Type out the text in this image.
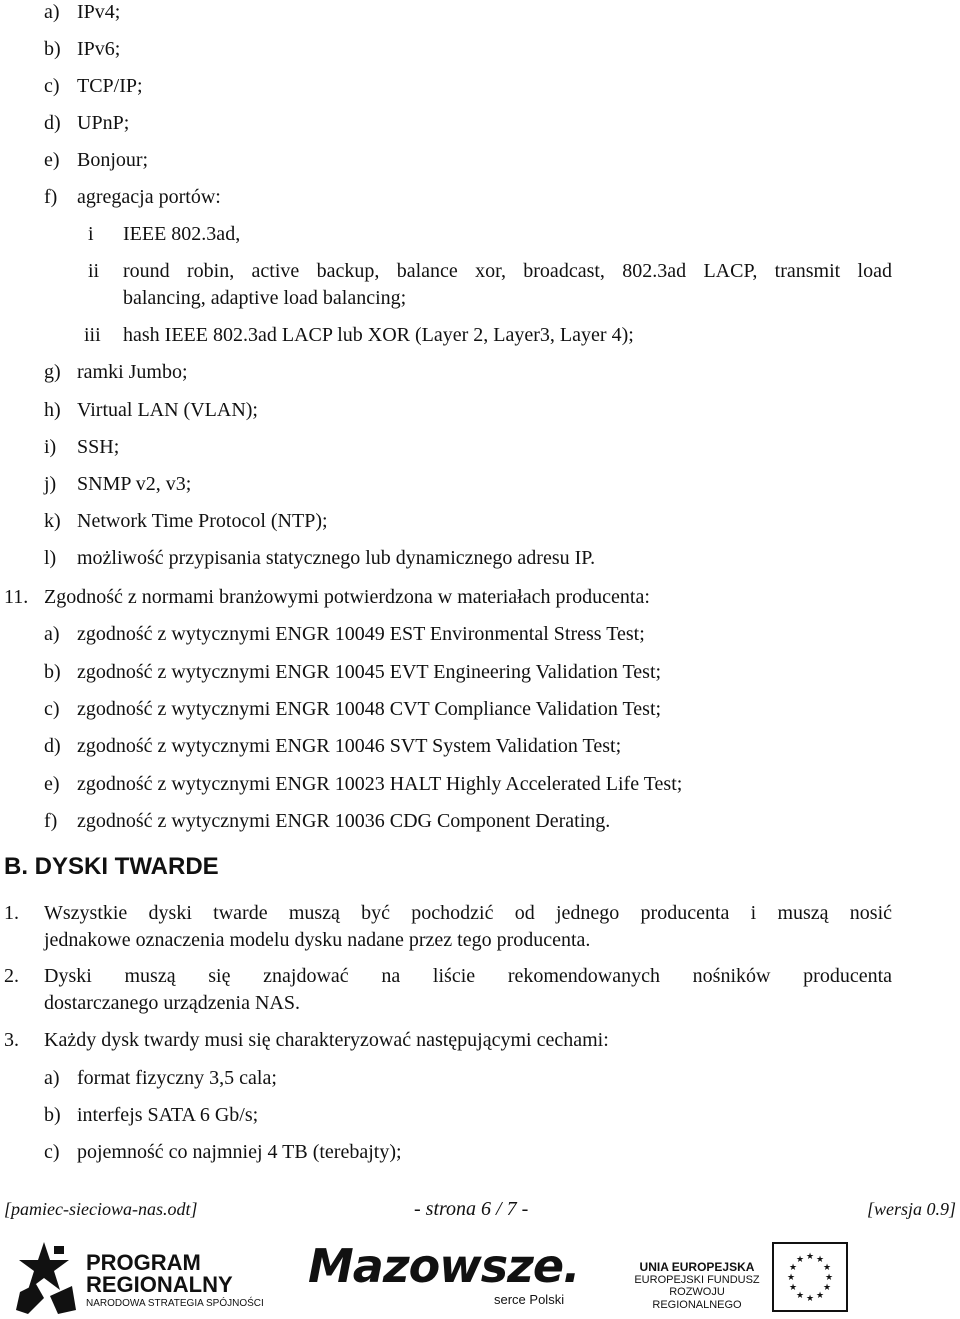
a) IPv4;
b) IPv6;
c) TCP/IP;
d) UPnP;
e) Bonjour;
f) agregacja portów:
i IEEE 802.3ad,
ii round robin, active backup, balance xor, broadcast, 802.3ad LACP, transmit load
balancing, adaptive load balancing;
iii hash IEEE 802.3ad LACP lub XOR (Layer 2, Layer3, Layer 4);
g) ramki Jumbo;
h) Virtual LAN (VLAN);
i) SSH;
j) SNMP v2, v3;
k) Network Time Protocol (NTP);
l) możliwość przypisania statycznego lub dynamicznego adresu IP.
11. Zgodność z normami branżowymi potwierdzona w materiałach producenta:
a) zgodność z wytycznymi ENGR 10049 EST Environmental Stress Test;
b) zgodność z wytycznymi ENGR 10045 EVT Engineering Validation Test;
c) zgodność z wytycznymi ENGR 10048 CVT Compliance Validation Test;
d) zgodność z wytycznymi ENGR 10046 SVT System Validation Test;
e) zgodność z wytycznymi ENGR 10023 HALT Highly Accelerated Life Test;
f) zgodność z wytycznymi ENGR 10036 CDG Component Derating.
B. DYSKI TWARDE
1. Wszystkie dyski twarde muszą być pochodzić od jednego producenta i muszą nosić
jednakowe oznaczenia modelu dysku nadane przez tego producenta.
2. Dyski muszą się znajdować na liście rekomendowanych nośników producenta
dostarczanego urządzenia NAS.
3. Każdy dysk twardy musi się charakteryzować następującymi cechami:
a) format fizyczny 3,5 cala;
b) interfejs SATA 6 Gb/s;
c) pojemność co najmniej 4 TB (terebajty);
[pamiec-sieciowa-nas.odt]	- strona 6 / 7 -	[wersja 0.9]
PROGRAM
REGIONALNY
NARODOWA STRATEGIA SPÓJNOŚCI
Mazowsze.
serce Polski
UNIA EUROPEJSKA
EUROPEJSKI FUNDUSZ
ROZWOJU REGIONALNEGO
★ ★
★
★
★
★
★
★
★
★
★
★
